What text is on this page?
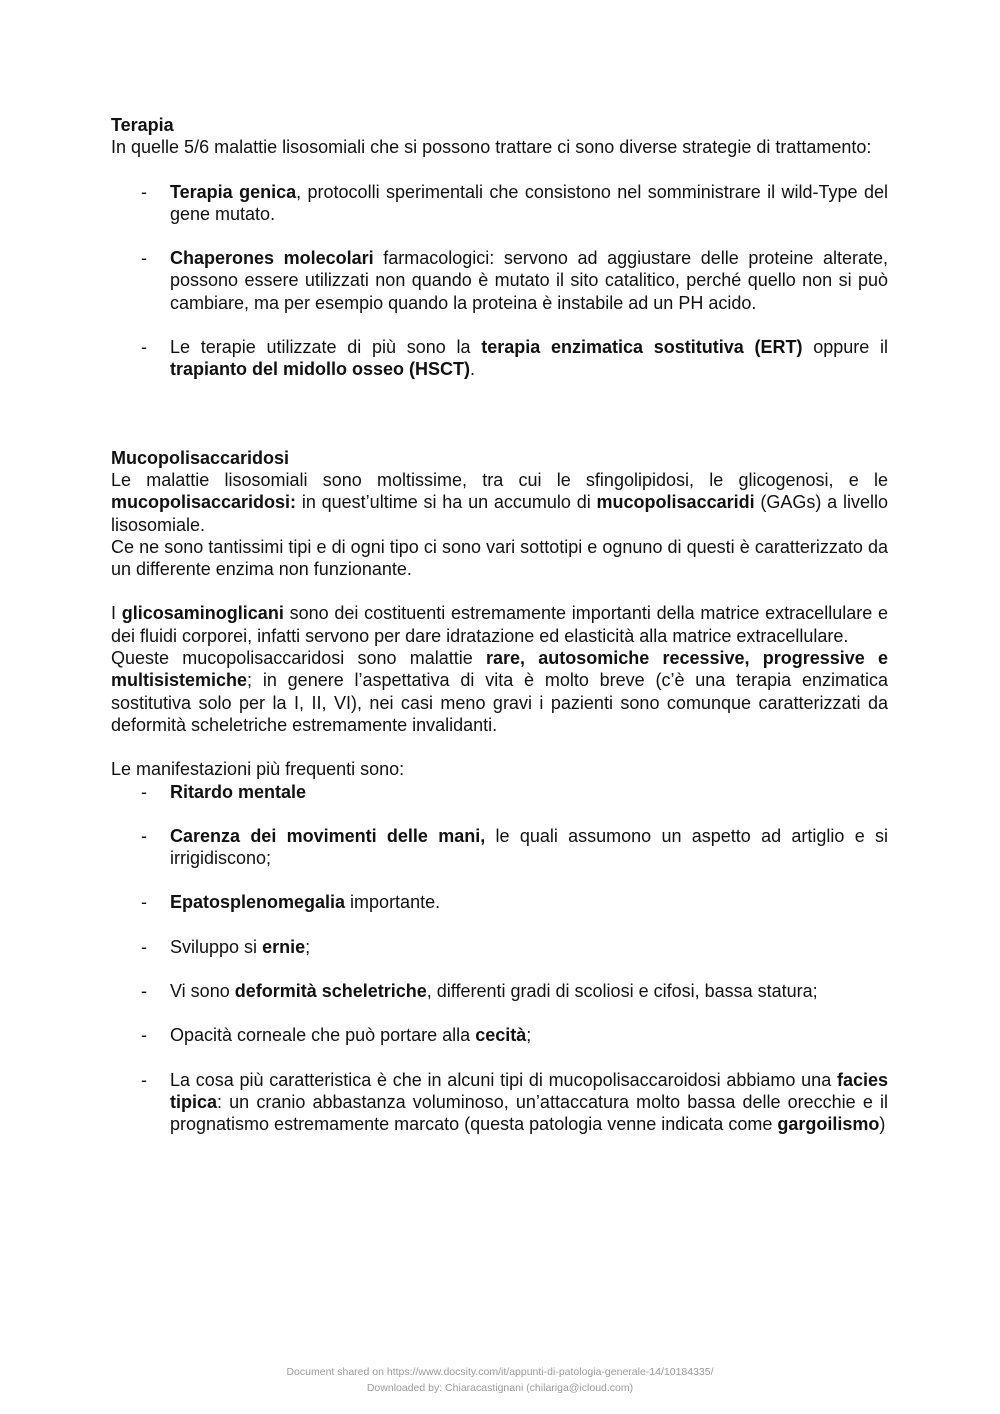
Terapia

In quelle 5/6 malattie lisosomiali che si possono trattare ci sono diverse strategie di trattamento:

- Terapia genica, protocolli sperimentali che consistono nel somministrare il wild-Type del gene mutato.
- Chaperones molecolari farmacologici: servono ad aggiustare delle proteine alterate, possono essere utilizzati non quando è mutato il sito catalitico, perché quello non si può cambiare, ma per esempio quando la proteina è instabile ad un PH acido.
- Le terapie utilizzate di più sono la terapia enzimatica sostitutiva (ERT) oppure il trapianto del midollo osseo (HSCT).

Mucopolisaccaridosi

Le malattie lisosomiali sono moltissime, tra cui le sfingolipidosi, le glicogenosi, e le mucopolisaccaridosi: in quest’ultime si ha un accumulo di mucopolisaccaridi (GAGs) a livello lisosomiale.

Ce ne sono tantissimi tipi e di ogni tipo ci sono vari sottotipi e ognuno di questi è caratterizzato da un differente enzima non funzionante.

I glicosaminoglicani sono dei costituenti estremamente importanti della matrice extracellulare e dei fluidi corporei, infatti servono per dare idratazione ed elasticità alla matrice extracellulare.

Queste mucopolisaccaridosi sono malattie rare, autosomiche recessive, progressive e multisistemiche; in genere l’aspettativa di vita è molto breve (c’è una terapia enzimatica sostitutiva solo per la I, II, VI), nei casi meno gravi i pazienti sono comunque caratterizzati da deformità scheletriche estremamente invalidanti.

Le manifestazioni più frequenti sono:

- Ritardo mentale
- Carenza dei movimenti delle mani, le quali assumono un aspetto ad artiglio e si irrigidiscono;
- Epatosplenomegalia importante.
- Sviluppo si ernie;
- Vi sono deformità scheletriche, differenti gradi di scoliosi e cifosi, bassa statura;
- Opacità corneale che può portare alla cecità;
- La cosa più caratteristica è che in alcuni tipi di mucopolisaccaroidosi abbiamo una facies tipica: un cranio abbastanza voluminoso, un’attaccatura molto bassa delle orecchie e il prognatismo estremamente marcato (questa patologia venne indicata come gargoilismo)
Document shared on https://www.docsity.com/it/appunti-di-patologia-generale-14/10184335/
Downloaded by: Chiaracastignani (chilariga@icloud.com)
